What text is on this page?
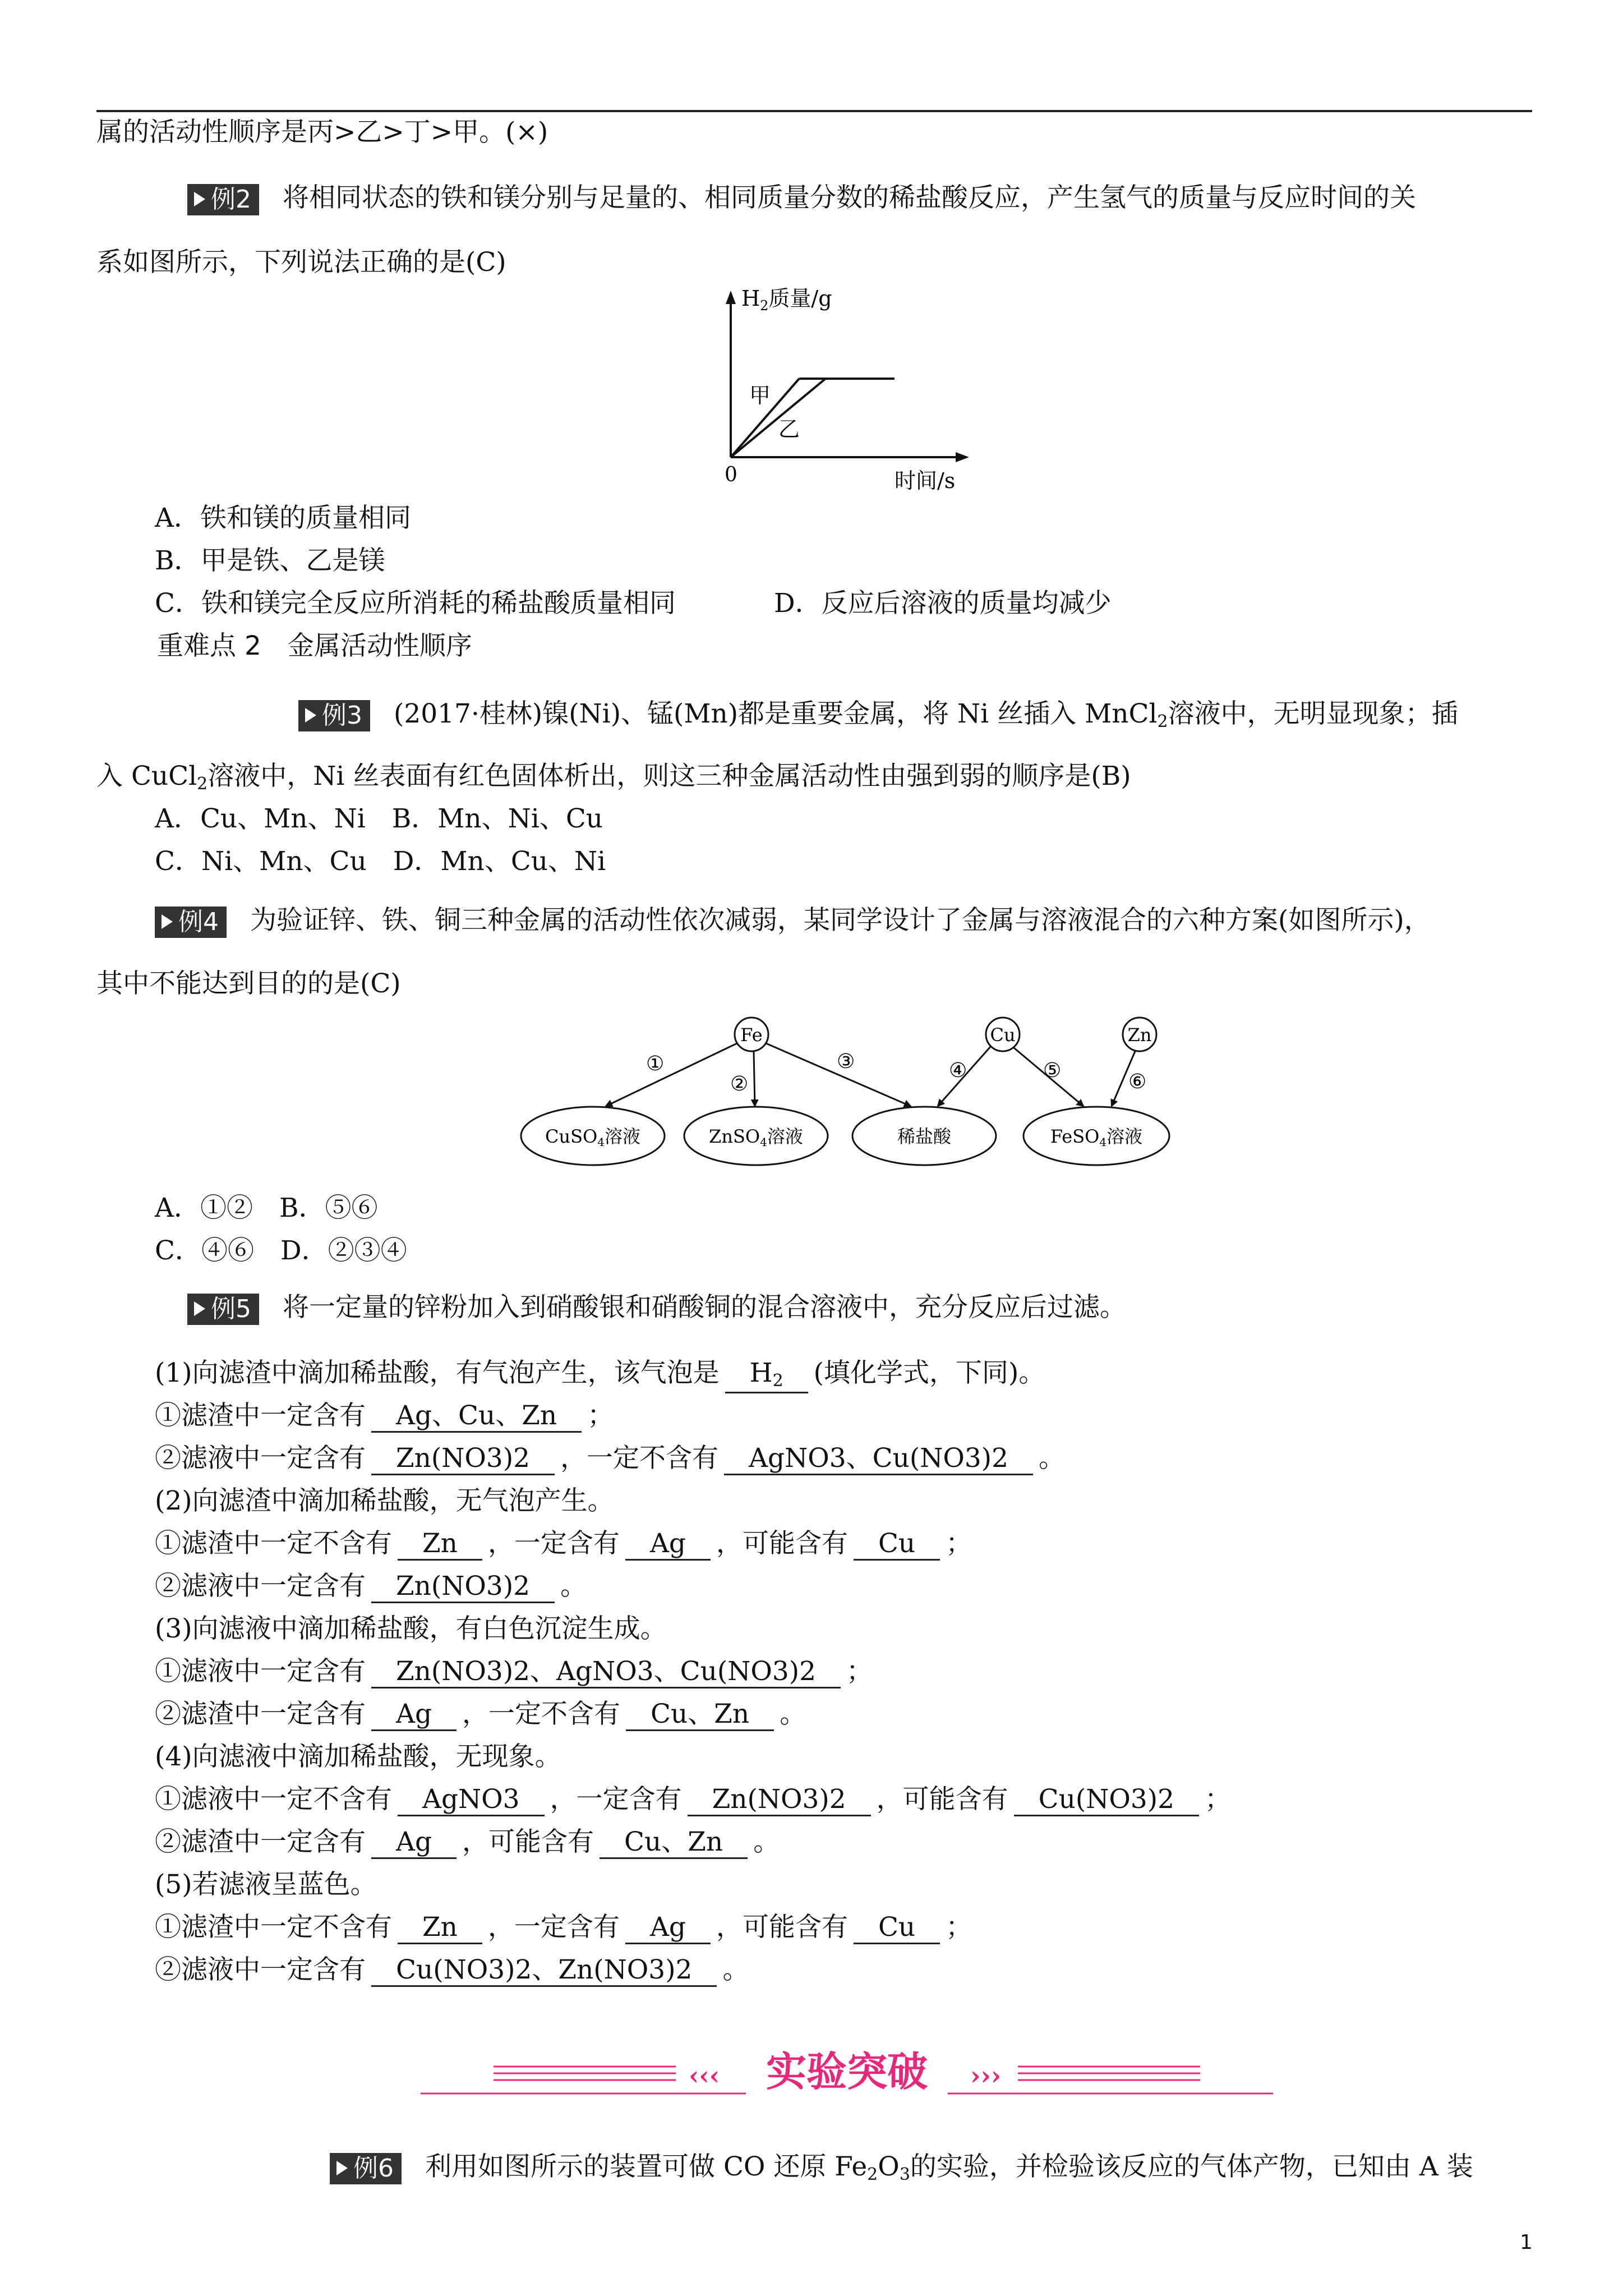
属的活动性顺序是丙>乙>丁>甲。(×)
例2 将相同状态的铁和镁分别与足量的、相同质量分数的稀盐酸反应，产生氢气的质量与反应时间的关
系如图所示，下列说法正确的是(C)
$H_2$质量/g
时间/s
0
甲
乙
A．铁和镁的质量相同
B．甲是铁、乙是镁
C．铁和镁完全反应所消耗的稀盐酸质量相同	D．反应后溶液的质量均减少
重难点 2　金属活动性顺序
例3 (2017·桂林)镍(Ni)、锰(Mn)都是重要金属，将 Ni 丝插入 MnCl$_2$溶液中，无明显现象；插
入 CuCl$_2$溶液中，Ni 丝表面有红色固体析出，则这三种金属活动性由强到弱的顺序是(B)
A．Cu、Mn、Ni　B．Mn、Ni、Cu
C．Ni、Mn、Cu　D．Mn、Cu、Ni
例4 为验证锌、铁、铜三种金属的活动性依次减弱，某同学设计了金属与溶液混合的六种方案(如图所示)，
其中不能达到目的的是(C)
Fe	Cu	Zn
CuSO4溶液	ZnSO4溶液	稀盐酸	FeSO4溶液
①
②
③	④	⑤	⑥
A．①②　B．⑤⑥
C．④⑥　D．②③④
例5 将一定量的锌粉加入到硝酸银和硝酸铜的混合溶液中，充分反应后过滤。
(1)向滤渣中滴加稀盐酸，有气泡产生，该气泡是 $H_2$ (填化学式，下同)。
①滤渣中一定含有 Ag、Cu、Zn ；
②滤液中一定含有 Zn(NO3)2 ，一定不含有 AgNO3、Cu(NO3)2 。
(2)向滤渣中滴加稀盐酸，无气泡产生。
①滤渣中一定不含有 Zn ，一定含有 Ag ，可能含有 Cu ；
②滤液中一定含有 Zn(NO3)2 。
(3)向滤液中滴加稀盐酸，有白色沉淀生成。
①滤液中一定含有 Zn(NO3)2、AgNO3、Cu(NO3)2 ；
②滤渣中一定含有 Ag ，一定不含有 Cu、Zn 。
(4)向滤液中滴加稀盐酸，无现象。
①滤液中一定不含有 AgNO3 ，一定含有 Zn(NO3)2 ，可能含有 Cu(NO3)2 ；
②滤渣中一定含有 Ag ，可能含有 Cu、Zn 。
(5)若滤液呈蓝色。
①滤渣中一定不含有 Zn ，一定含有 Ag ，可能含有 Cu ；
②滤液中一定含有 Cu(NO3)2、Zn(NO3)2 。
‹‹‹ 实验突破 ›››
例6 利用如图所示的装置可做 CO 还原 $Fe_2O_3$的实验，并检验该反应的气体产物，已知由 A 装
1
